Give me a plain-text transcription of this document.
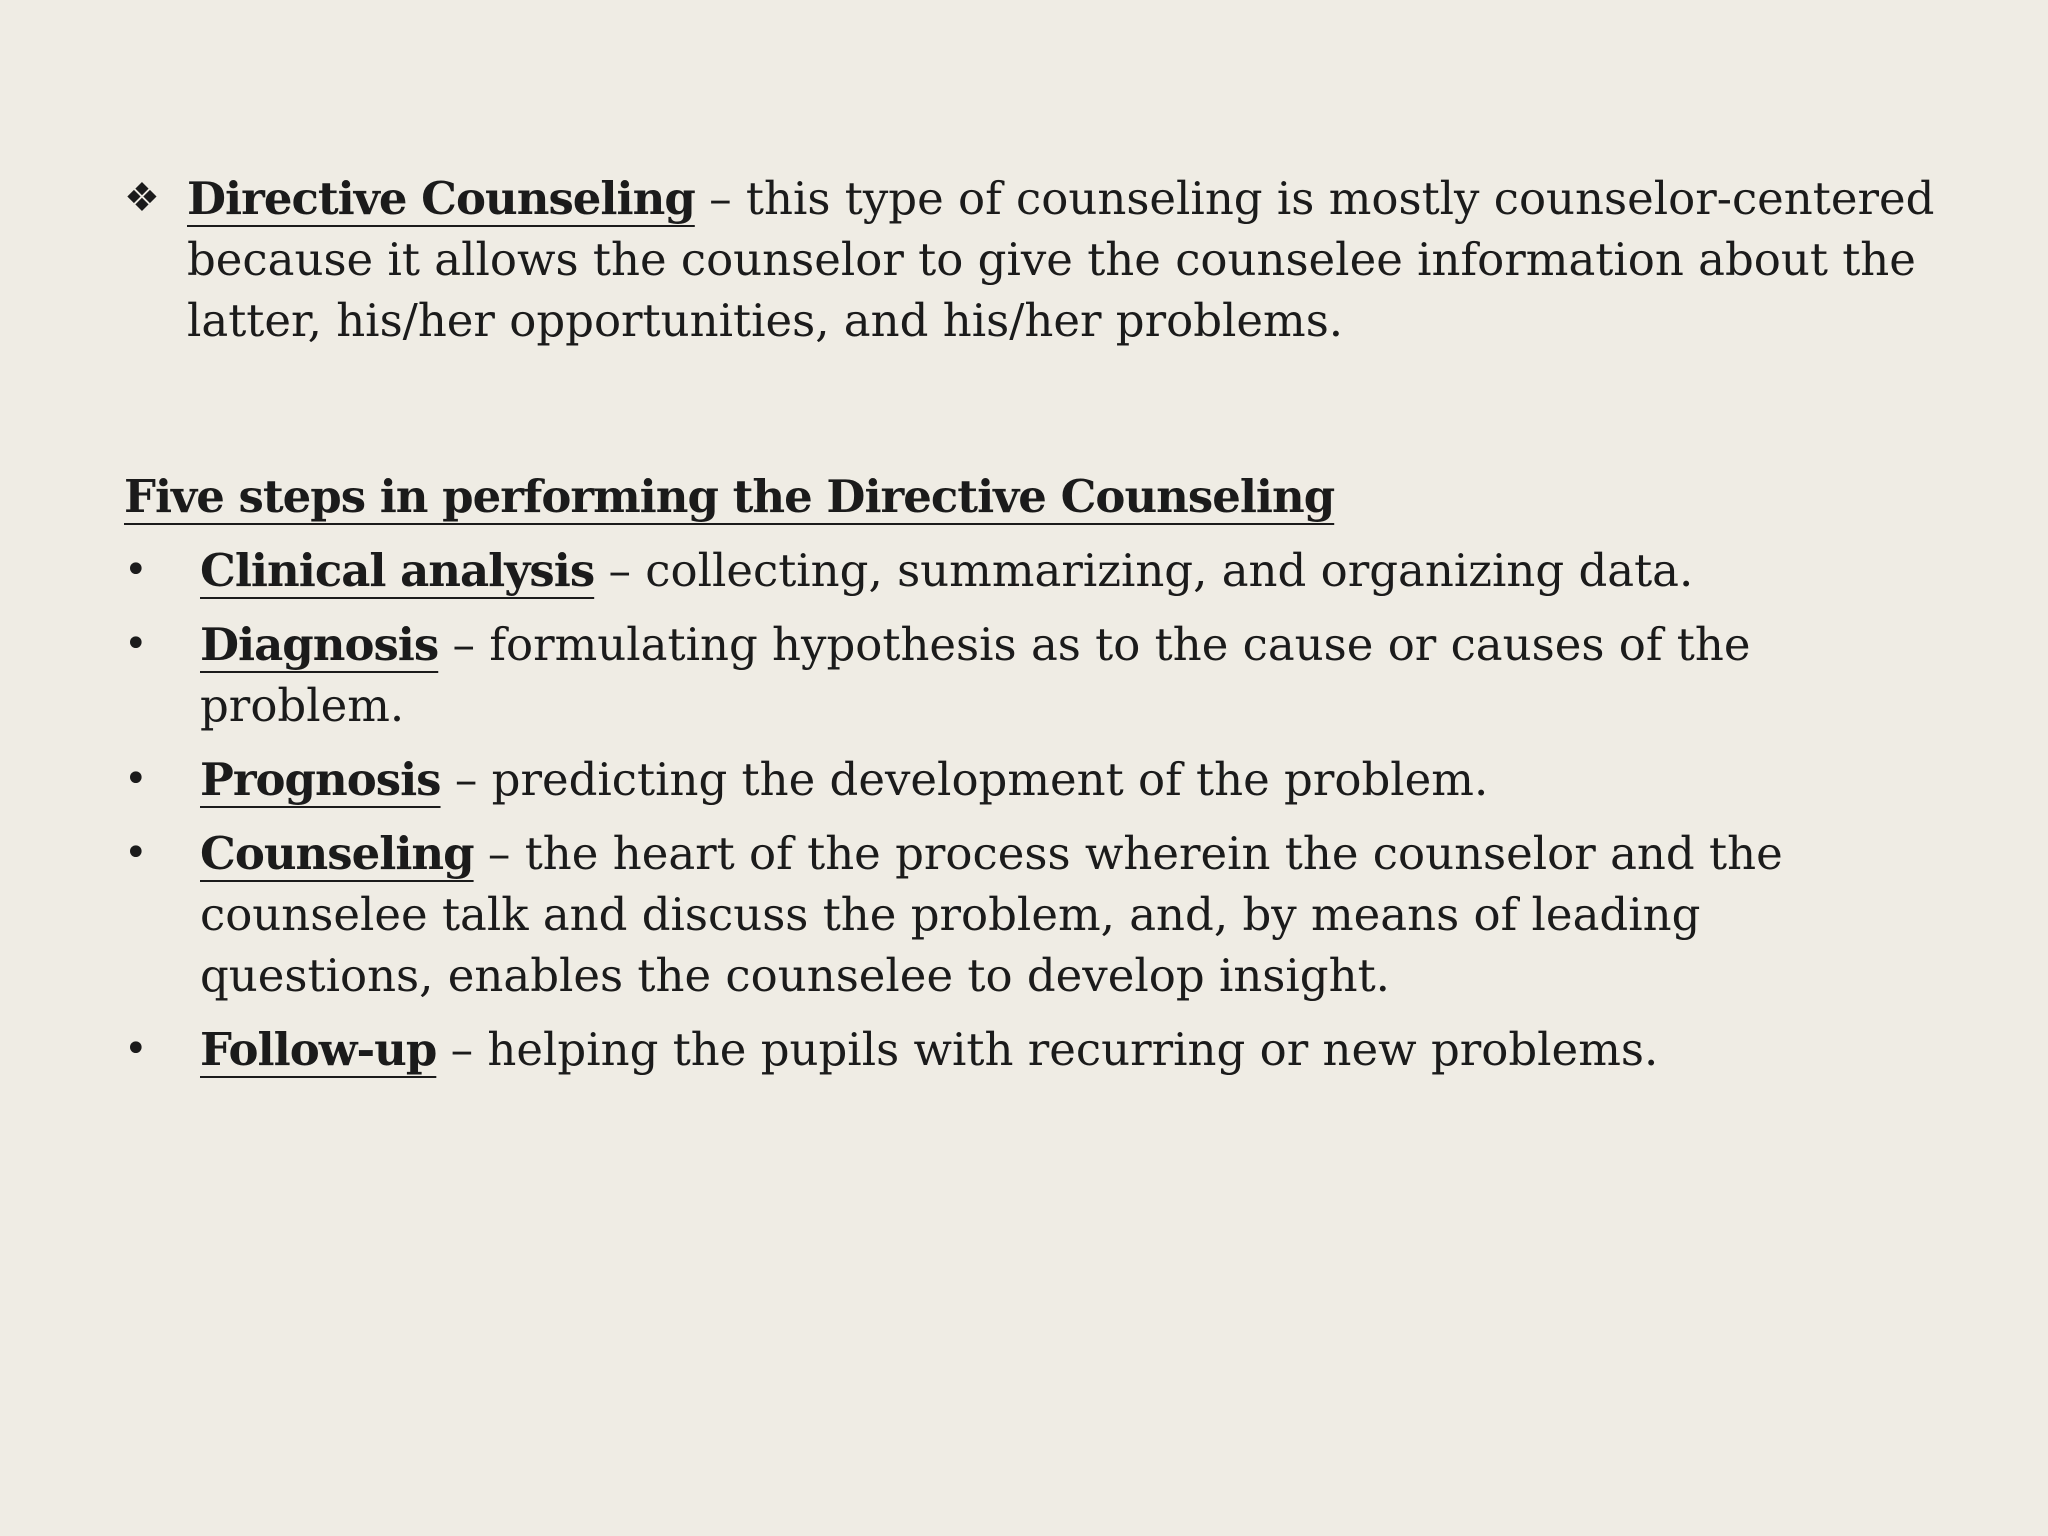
❖ Directive Counseling – this type of counseling is mostly counselor-centered because it allows the counselor to give the counselee information about the latter, his/her opportunities, and his/her problems.
Five steps in performing the Directive Counseling
• Clinical analysis – collecting, summarizing, and organizing data.
• Diagnosis – formulating hypothesis as to the cause or causes of the problem.
• Prognosis – predicting the development of the problem.
• Counseling – the heart of the process wherein the counselor and the counselee talk and discuss the problem, and, by means of leading questions, enables the counselee to develop insight.
• Follow-up – helping the pupils with recurring or new problems.
